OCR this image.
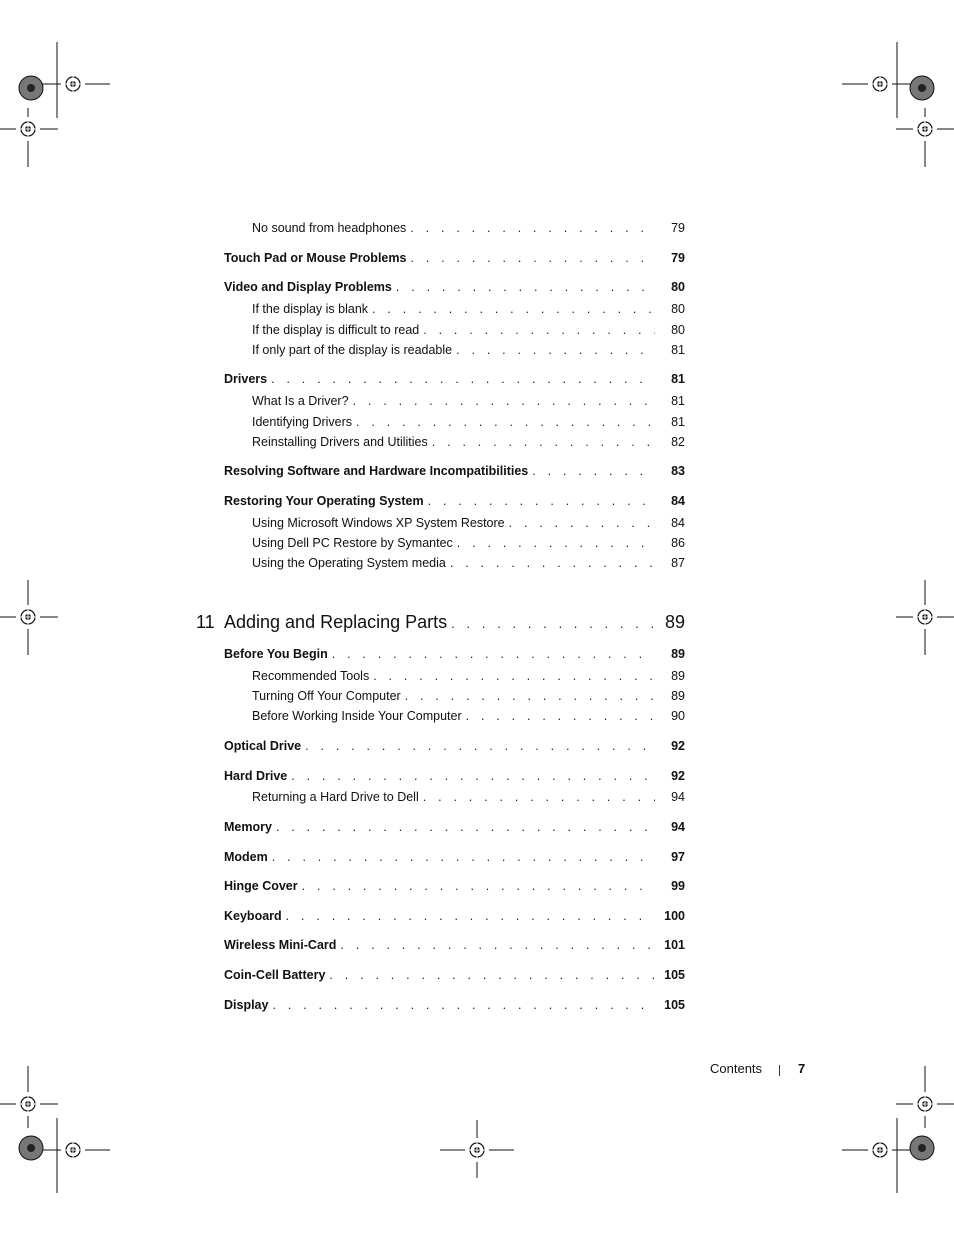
No sound from headphones . . .	79
Touch Pad or Mouse Problems . . .	79
Video and Display Problems . . .	80
If the display is blank . . .	80
If the display is difficult to read . . .	80
If only part of the display is readable . . .	81
Drivers . . .	81
What Is a Driver? . . .	81
Identifying Drivers . . .	81
Reinstalling Drivers and Utilities . . .	82
Resolving Software and Hardware Incompatibilities . . .	83
Restoring Your Operating System . . .	84
Using Microsoft Windows XP System Restore . . .	84
Using Dell PC Restore by Symantec . . .	86
Using the Operating System media . . .	87
11 Adding and Replacing Parts . . .	89
Before You Begin . . .	89
Recommended Tools . . .	89
Turning Off Your Computer . . .	89
Before Working Inside Your Computer . . .	90
Optical Drive . . .	92
Hard Drive . . .	92
Returning a Hard Drive to Dell . . .	94
Memory . . .	94
Modem . . .	97
Hinge Cover . . .	99
Keyboard . . .	100
Wireless Mini-Card . . .	101
Coin-Cell Battery . . .	105
Display . . .	105
Contents	7
